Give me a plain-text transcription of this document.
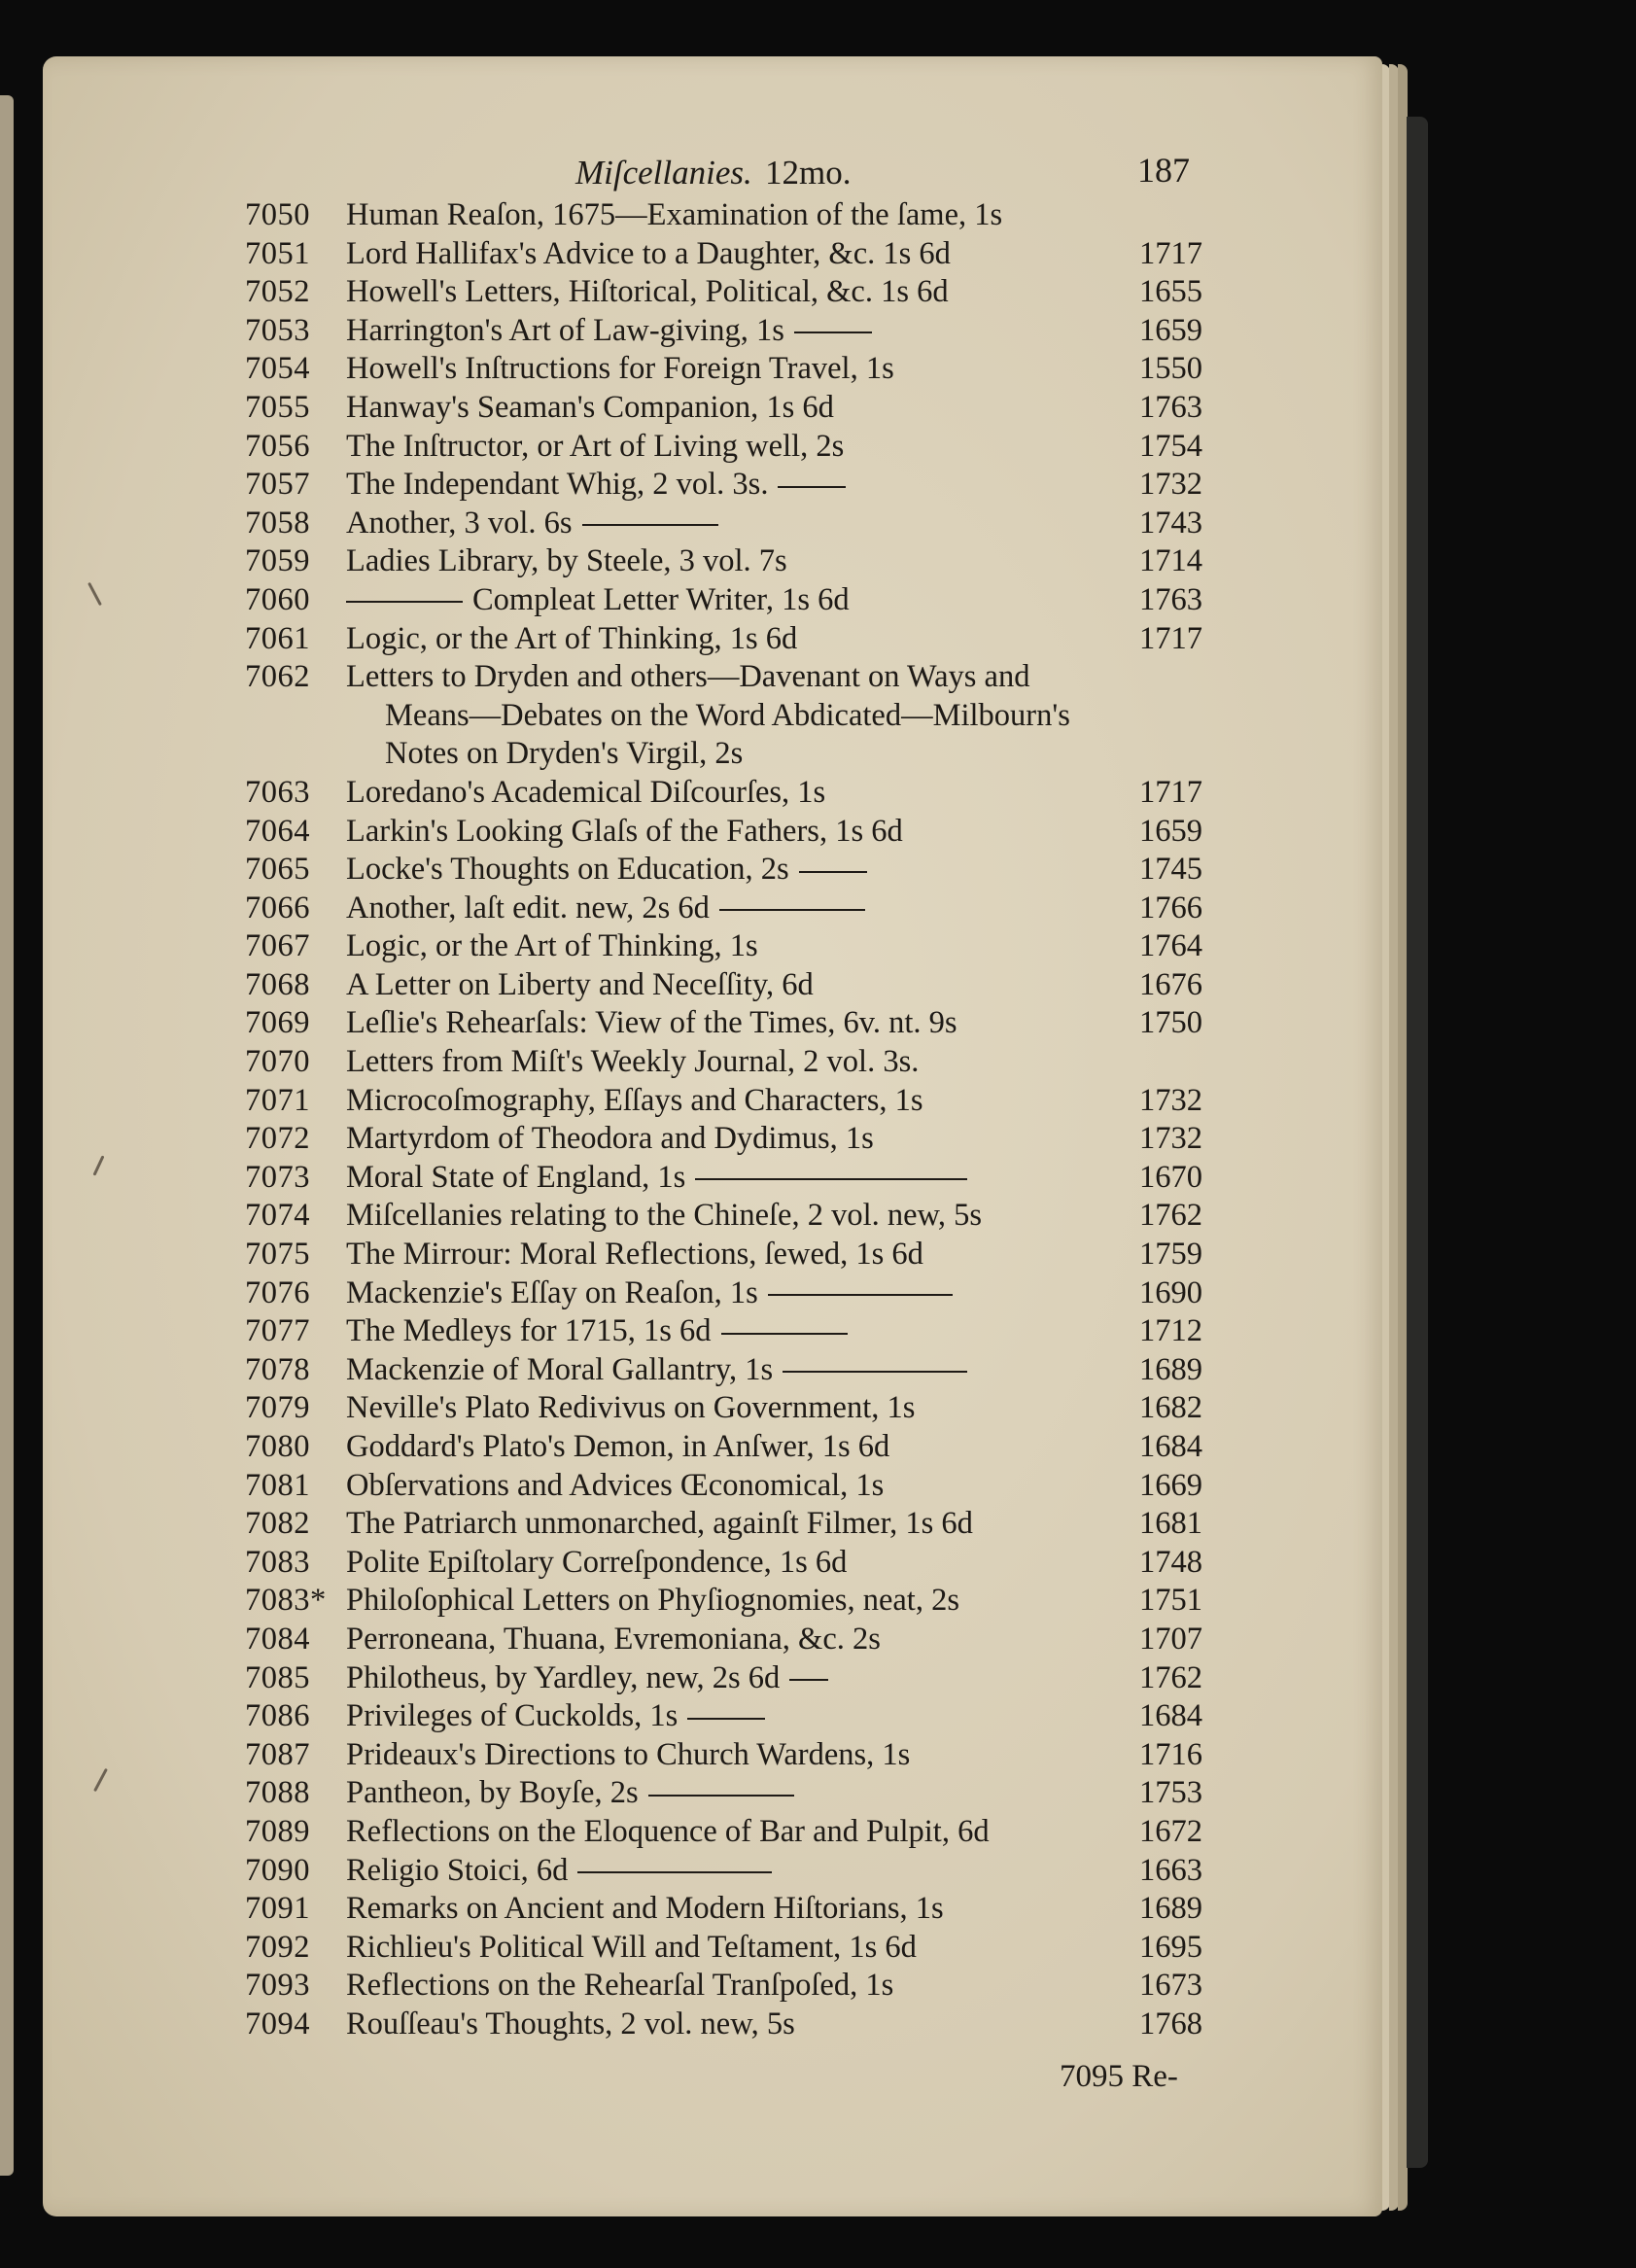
Miſcellanies. 12mo.	187
7050	Human Reaſon, 1675—Examination of the ſame, 1s
7051	Lord Hallifax's Advice to a Daughter, &c. 1s 6d	1717
7052	Howell's Letters, Hiſtorical, Political, &c. 1s 6d	1655
7053	Harrington's Art of Law-giving, 1s	1659
7054	Howell's Inſtructions for Foreign Travel, 1s	1550
7055	Hanway's Seaman's Companion, 1s 6d	1763
7056	The Inſtructor, or Art of Living well, 2s	1754
7057	The Independant Whig, 2 vol. 3s.	1732
7058	Another, 3 vol. 6s	1743
7059	Ladies Library, by Steele, 3 vol. 7s	1714
7060	Compleat Letter Writer, 1s 6d	1763
7061	Logic, or the Art of Thinking, 1s 6d	1717
7062	Letters to Dryden and others—Davenant on Ways and
Means—Debates on the Word Abdicated—Milbourn's
Notes on Dryden's Virgil, 2s
7063	Loredano's Academical Diſcourſes, 1s	1717
7064	Larkin's Looking Glaſs of the Fathers, 1s 6d	1659
7065	Locke's Thoughts on Education, 2s	1745
7066	Another, laſt edit. new, 2s 6d	1766
7067	Logic, or the Art of Thinking, 1s	1764
7068	A Letter on Liberty and Neceſſity, 6d	1676
7069	Leſlie's Rehearſals: View of the Times, 6v. nt. 9s	1750
7070	Letters from Miſt's Weekly Journal, 2 vol. 3s.
7071	Microcoſmography, Eſſays and Characters, 1s	1732
7072	Martyrdom of Theodora and Dydimus, 1s	1732
7073	Moral State of England, 1s	1670
7074	Miſcellanies relating to the Chineſe, 2 vol. new, 5s	1762
7075	The Mirrour: Moral Reflections, ſewed, 1s 6d	1759
7076	Mackenzie's Eſſay on Reaſon, 1s	1690
7077	The Medleys for 1715, 1s 6d	1712
7078	Mackenzie of Moral Gallantry, 1s	1689
7079	Neville's Plato Redivivus on Government, 1s	1682
7080	Goddard's Plato's Demon, in Anſwer, 1s 6d	1684
7081	Obſervations and Advices Œconomical, 1s	1669
7082	The Patriarch unmonarched, againſt Filmer, 1s 6d	1681
7083	Polite Epiſtolary Correſpondence, 1s 6d	1748
7083* Philoſophical Letters on Phyſiognomies, neat, 2s	1751
7084	Perroneana, Thuana, Evremoniana, &c. 2s	1707
7085	Philotheus, by Yardley, new, 2s 6d	1762
7086	Privileges of Cuckolds, 1s	1684
7087	Prideaux's Directions to Church Wardens, 1s	1716
7088	Pantheon, by Boyſe, 2s	1753
7089	Reflections on the Eloquence of Bar and Pulpit, 6d	1672
7090	Religio Stoici, 6d	1663
7091	Remarks on Ancient and Modern Hiſtorians, 1s	1689
7092	Richlieu's Political Will and Teſtament, 1s 6d	1695
7093	Reflections on the Rehearſal Tranſpoſed, 1s	1673
7094	Rouſſeau's Thoughts, 2 vol. new, 5s	1768
7095 Re-
